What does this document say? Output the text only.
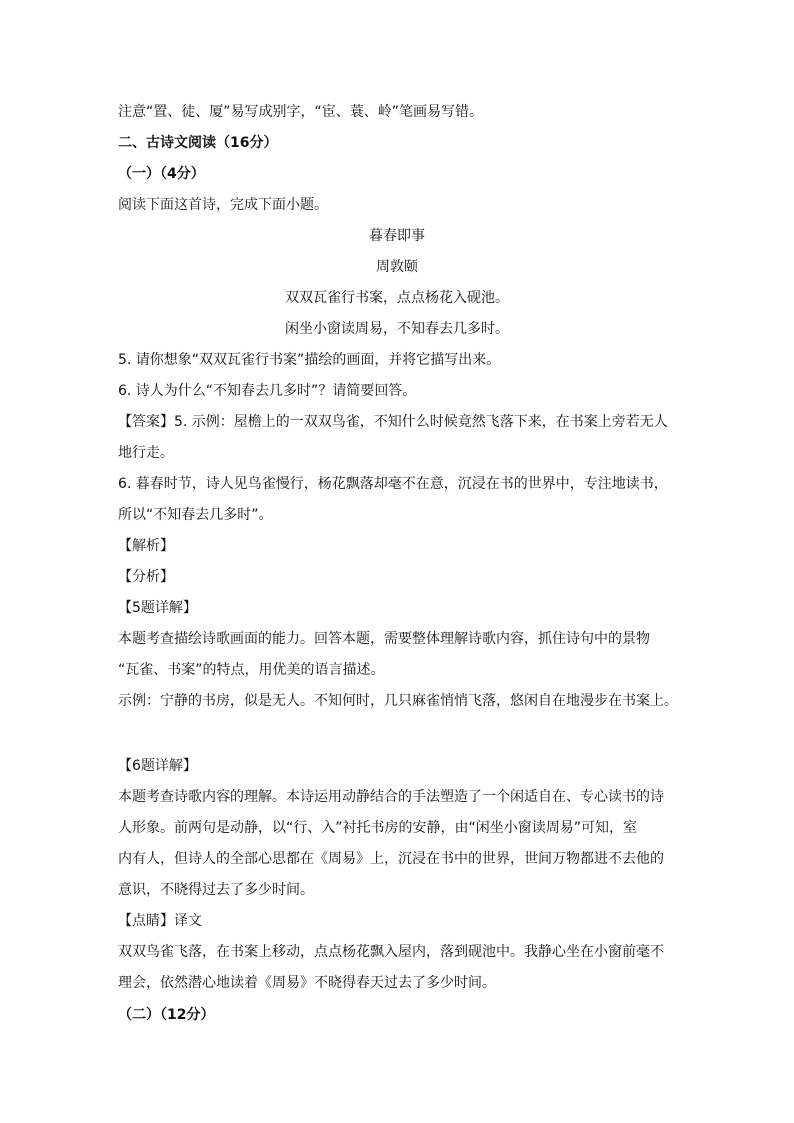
注意“置、徒、厦”易写成别字，“宦、蓑、岭”笔画易写错。
二、古诗文阅读（16分）
（一）（4分）
阅读下面这首诗，完成下面小题。
暮春即事
周敦颐
双双瓦雀行书案，点点杨花入砚池。
闲坐小窗读周易，不知春去几多时。
5. 请你想象“双双瓦雀行书案”描绘的画面，并将它描写出来。
6. 诗人为什么“不知春去几多时”？请简要回答。
【答案】5. 示例：屋檐上的一双双鸟雀，不知什么时候竟然飞落下来，在书案上旁若无人
地行走。
6. 暮春时节，诗人见鸟雀慢行，杨花飘落却毫不在意，沉浸在书的世界中，专注地读书，
所以“不知春去几多时”。
【解析】
【分析】
【5题详解】
本题考查描绘诗歌画面的能力。回答本题，需要整体理解诗歌内容，抓住诗句中的景物
“瓦雀、书案”的特点，用优美的语言描述。
示例：宁静的书房，似是无人。不知何时，几只麻雀悄悄飞落，悠闲自在地漫步在书案上。
【6题详解】
本题考查诗歌内容的理解。本诗运用动静结合的手法塑造了一个闲适自在、专心读书的诗
人形象。前两句是动静，以“行、入”衬托书房的安静，由“闲坐小窗读周易”可知，室
内有人，但诗人的全部心思都在《周易》上，沉浸在书中的世界，世间万物都进不去他的
意识，不晓得过去了多少时间。
【点睛】译文
双双鸟雀飞落，在书案上移动，点点杨花飘入屋内，落到砚池中。我静心坐在小窗前毫不
理会，依然潜心地读着《周易》不晓得春天过去了多少时间。
（二）（12分）
